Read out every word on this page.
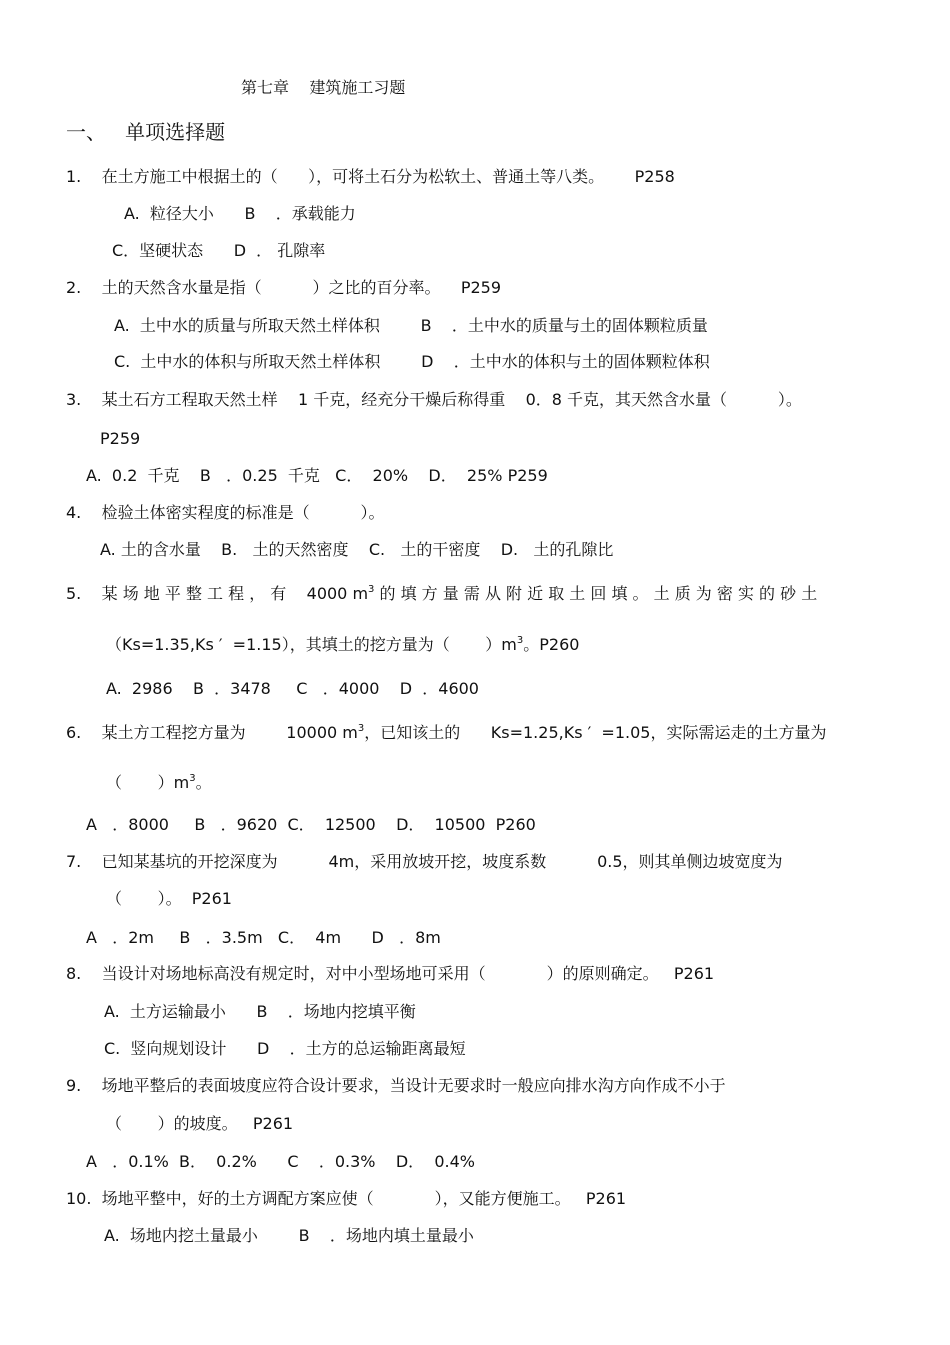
第七章    建筑施工习题
一、   单项选择题
1.    在土方施工中根据土的（      ），可将土石分为松软土、普通土等八类。      P258
A.  粒径大小      B    ．承载能力
C．坚硬状态      D  ． 孔隙率
2.    土的天然含水量是指（          ）之比的百分率。    P259
A.  土中水的质量与所取天然土样体积        B    ．土中水的质量与土的固体颗粒质量
C.  土中水的体积与所取天然土样体积        D    ．土中水的体积与土的固体颗粒体积
3.    某土石方工程取天然土样    1 千克，经充分干燥后称得重    0．8 千克，其天然含水量（          ）。
P259
A.  0.2  千克    B   ．0.25  千克   C．  20%    D．  25% P259
4.    检验土体密实程度的标准是（          ）。
A. 土的含水量    B.   土的天然密度    C.   土的干密度    D.   土的孔隙比
5.    某 场 地 平 整 工 程 ， 有    4000 $m^3$ 的 填 方 量 需 从 附 近 取 土 回 填 。 土 质 为 密 实 的 砂 土
（Ks=1.35,Ks ′  =1.15），其填土的挖方量为（       ）$m^3$。P260
A.  2986    B  ．3478     C   ．4000    D  ．4600
6.    某土方工程挖方量为        10000 $m^3$，已知该土的      Ks=1.25,Ks ′  =1.05，实际需运走的土方量为
（       ）$m^3$。
A   ．8000     B   ．9620  C．  12500    D．  10500  P260
7.    已知某基坑的开挖深度为          4m，采用放坡开挖，坡度系数          0.5，则其单侧边坡宽度为
（       ）。  P261
A   ．2m     B   ．3.5m   C．  4m      D   ．8m
8.    当设计对场地标高没有规定时，对中小型场地可采用（            ）的原则确定。   P261
A.  土方运输最小      B    ．场地内挖填平衡
C.  竖向规划设计      D    ．土方的总运输距离最短
9.    场地平整后的表面坡度应符合设计要求，当设计无要求时一般应向排水沟方向作成不小于
（       ）的坡度。   P261
A   ．0.1%  B．  0.2%      C    ．0.3%    D．  0.4%
10.  场地平整中，好的土方调配方案应使（            ），又能方便施工。   P261
A.  场地内挖土量最小        B    ．场地内填土量最小
